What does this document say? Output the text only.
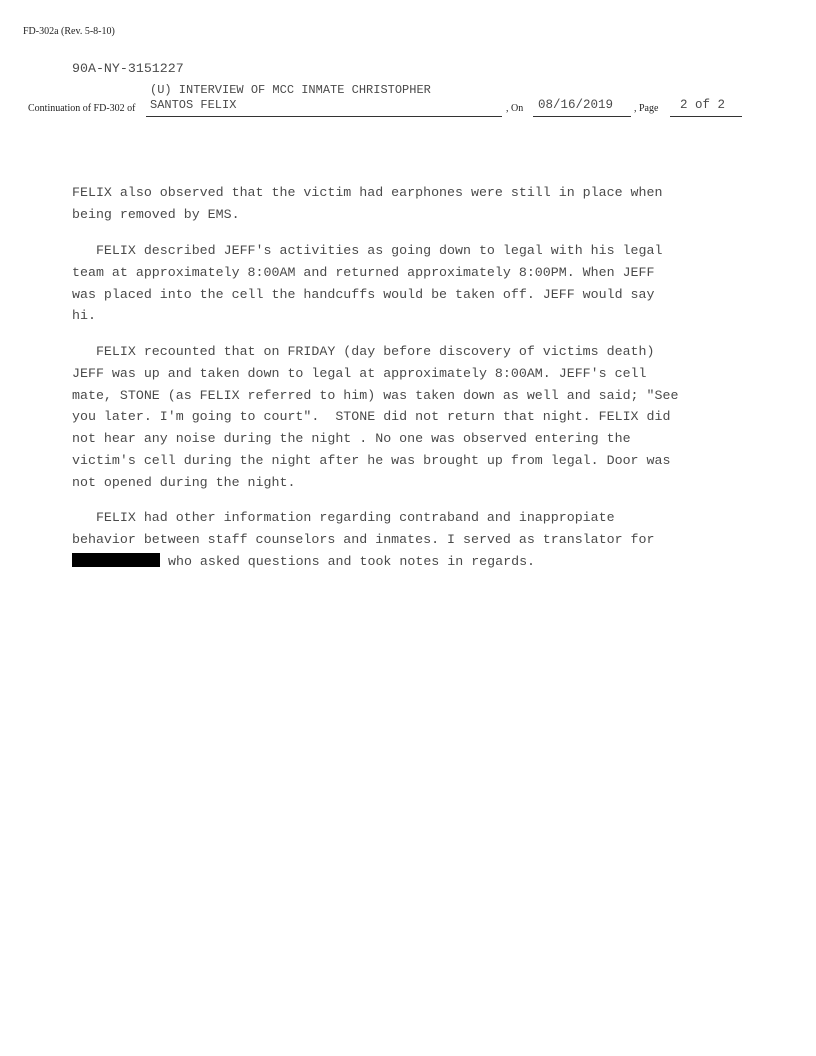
FD-302a (Rev. 5-8-10)
90A-NY-3151227
(U) INTERVIEW OF MCC INMATE CHRISTOPHER
Continuation of FD-302 of SANTOS FELIX	, On 08/16/2019 , Page 2 of 2

FELIX also observed that the victim had earphones were still in place when

being removed by EMS.

FELIX described JEFF's activities as going down to legal with his legal

team at approximately 8:00AM and returned approximately 8:00PM. When JEFF

was placed into the cell the handcuffs would be taken off. JEFF would say

hi.

FELIX recounted that on FRIDAY (day before discovery of victims death)

JEFF was up and taken down to legal at approximately 8:00AM. JEFF's cell

mate, STONE (as FELIX referred to him) was taken down as well and said; "See

you later. I'm going to court".  STONE did not return that night. FELIX did

not hear any noise during the night . No one was observed entering the

victim's cell during the night after he was brought up from legal. Door was

not opened during the night.

FELIX had other information regarding contraband and inappropiate

behavior between staff counselors and inmates. I served as translator for

who asked questions and took notes in regards.
